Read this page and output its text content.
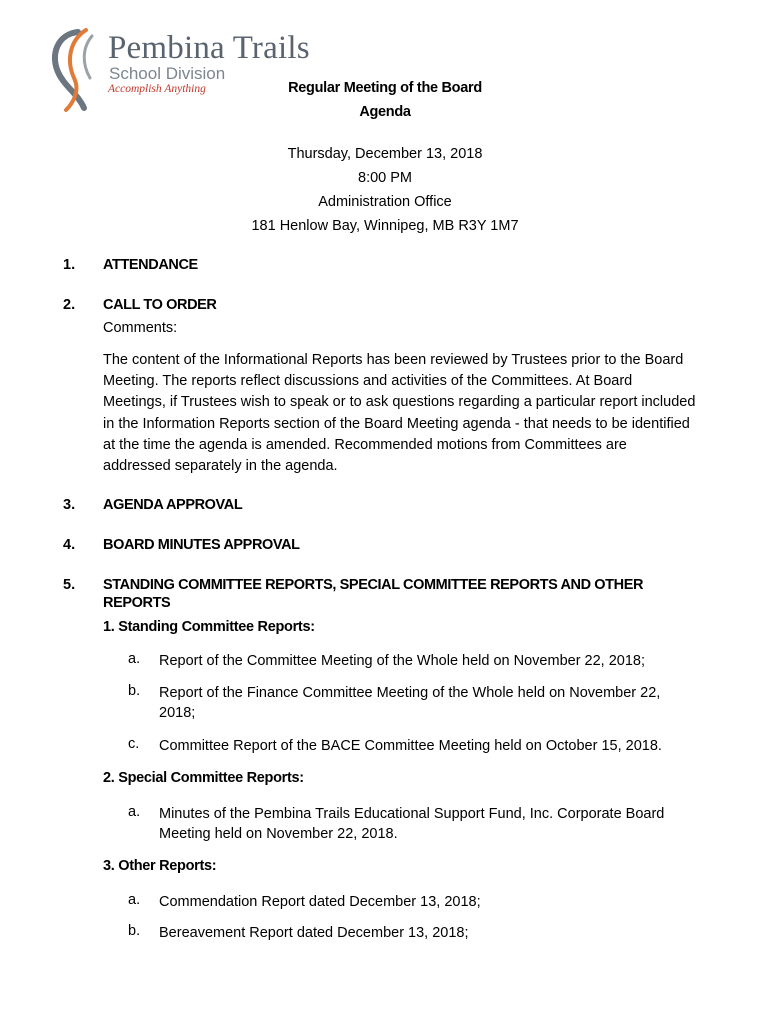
Pembina Trails
School Division
Accomplish Anything	Regular Meeting of the Board
Agenda
Thursday, December 13, 2018
8:00 PM
Administration Office
181 Henlow Bay, Winnipeg, MB R3Y 1M7
1. ATTENDANCE
2. CALL TO ORDER
Comments:
The content of the Informational Reports has been reviewed by Trustees prior to the Board
Meeting. The reports reflect discussions and activities of the Committees. At Board
Meetings, if Trustees wish to speak or to ask questions regarding a particular report included
in the Information Reports section of the Board Meeting agenda - that needs to be identified
at the time the agenda is amended. Recommended motions from Committees are
addressed separately in the agenda.
3. AGENDA APPROVAL
4. BOARD MINUTES APPROVAL
5. STANDING COMMITTEE REPORTS, SPECIAL COMMITTEE REPORTS AND OTHER
REPORTS
1. Standing Committee Reports:
a. Report of the Committee Meeting of the Whole held on November 22, 2018;
b. Report of the Finance Committee Meeting of the Whole held on November 22,
2018;
c. Committee Report of the BACE Committee Meeting held on October 15, 2018.
2. Special Committee Reports:
a. Minutes of the Pembina Trails Educational Support Fund, Inc. Corporate Board
Meeting held on November 22, 2018.
3. Other Reports:
a. Commendation Report dated December 13, 2018;
b. Bereavement Report dated December 13, 2018;
